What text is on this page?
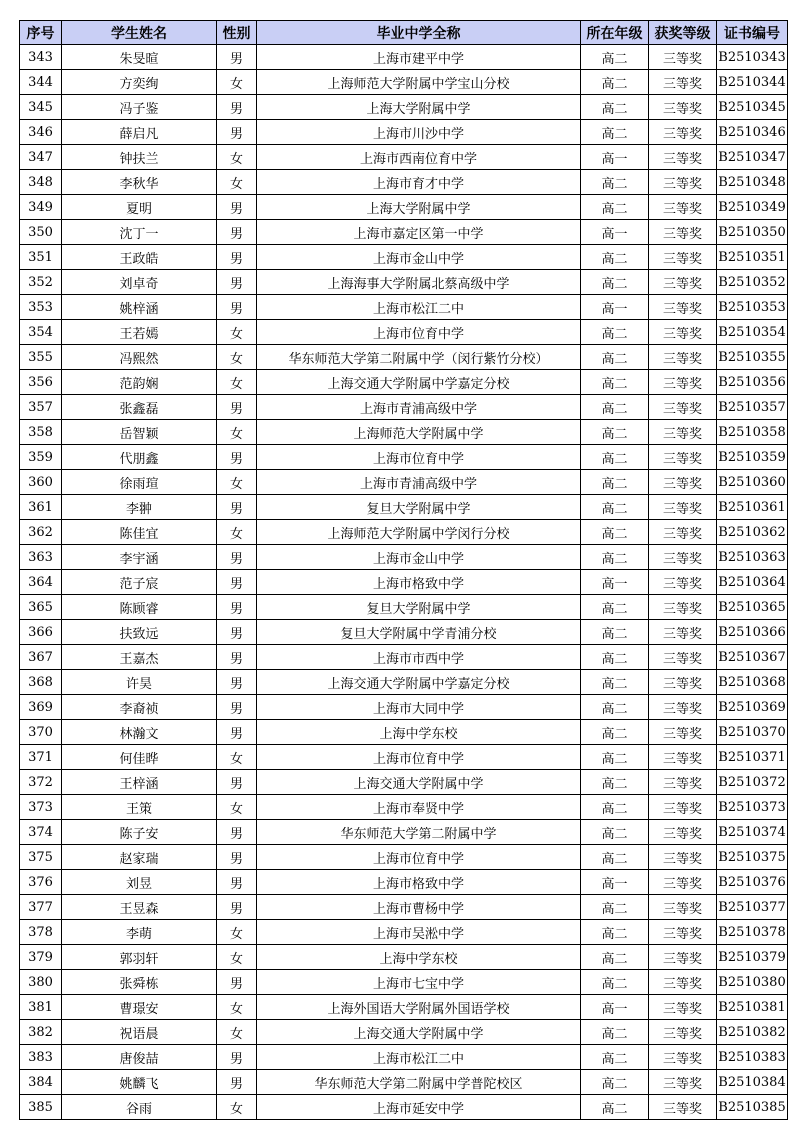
序号	学生姓名	性别	毕业中学全称	所在年级	获奖等级	证书编号
343	朱旻暄	男	上海市建平中学	高二	三等奖	B2510343
344	方奕绚	女	上海师范大学附属中学宝山分校	高二	三等奖	B2510344
345	冯子鉴	男	上海大学附属中学	高二	三等奖	B2510345
346	薛启凡	男	上海市川沙中学	高二	三等奖	B2510346
347	钟扶兰	女	上海市西南位育中学	高一	三等奖	B2510347
348	李秋华	女	上海市育才中学	高二	三等奖	B2510348
349	夏明	男	上海大学附属中学	高二	三等奖	B2510349
350	沈丁一	男	上海市嘉定区第一中学	高一	三等奖	B2510350
351	王政皓	男	上海市金山中学	高二	三等奖	B2510351
352	刘卓奇	男	上海海事大学附属北蔡高级中学	高二	三等奖	B2510352
353	姚梓涵	男	上海市松江二中	高一	三等奖	B2510353
354	王若嫣	女	上海市位育中学	高二	三等奖	B2510354
355	冯熙然	女	华东师范大学第二附属中学（闵行紫竹分校）	高二	三等奖	B2510355
356	范韵娴	女	上海交通大学附属中学嘉定分校	高二	三等奖	B2510356
357	张鑫磊	男	上海市青浦高级中学	高二	三等奖	B2510357
358	岳智颖	女	上海师范大学附属中学	高二	三等奖	B2510358
359	代朋鑫	男	上海市位育中学	高二	三等奖	B2510359
360	徐雨瑄	女	上海市青浦高级中学	高二	三等奖	B2510360
361	李翀	男	复旦大学附属中学	高二	三等奖	B2510361
362	陈佳宜	女	上海师范大学附属中学闵行分校	高二	三等奖	B2510362
363	李宇涵	男	上海市金山中学	高二	三等奖	B2510363
364	范子宸	男	上海市格致中学	高一	三等奖	B2510364
365	陈顾睿	男	复旦大学附属中学	高二	三等奖	B2510365
366	扶致远	男	复旦大学附属中学青浦分校	高二	三等奖	B2510366
367	王嘉杰	男	上海市市西中学	高二	三等奖	B2510367
368	许昊	男	上海交通大学附属中学嘉定分校	高二	三等奖	B2510368
369	李裔祯	男	上海市大同中学	高二	三等奖	B2510369
370	林瀚文	男	上海中学东校	高二	三等奖	B2510370
371	何佳晔	女	上海市位育中学	高二	三等奖	B2510371
372	王梓涵	男	上海交通大学附属中学	高二	三等奖	B2510372
373	王策	女	上海市奉贤中学	高二	三等奖	B2510373
374	陈子安	男	华东师范大学第二附属中学	高二	三等奖	B2510374
375	赵家瑞	男	上海市位育中学	高二	三等奖	B2510375
376	刘昱	男	上海市格致中学	高一	三等奖	B2510376
377	王昱森	男	上海市曹杨中学	高二	三等奖	B2510377
378	李萌	女	上海市吴淞中学	高二	三等奖	B2510378
379	郭羽轩	女	上海中学东校	高二	三等奖	B2510379
380	张舜栋	男	上海市七宝中学	高二	三等奖	B2510380
381	曹璟安	女	上海外国语大学附属外国语学校	高一	三等奖	B2510381
382	祝语晨	女	上海交通大学附属中学	高二	三等奖	B2510382
383	唐俊喆	男	上海市松江二中	高二	三等奖	B2510383
384	姚麟飞	男	华东师范大学第二附属中学普陀校区	高二	三等奖	B2510384
385	谷雨	女	上海市延安中学	高二	三等奖	B2510385
